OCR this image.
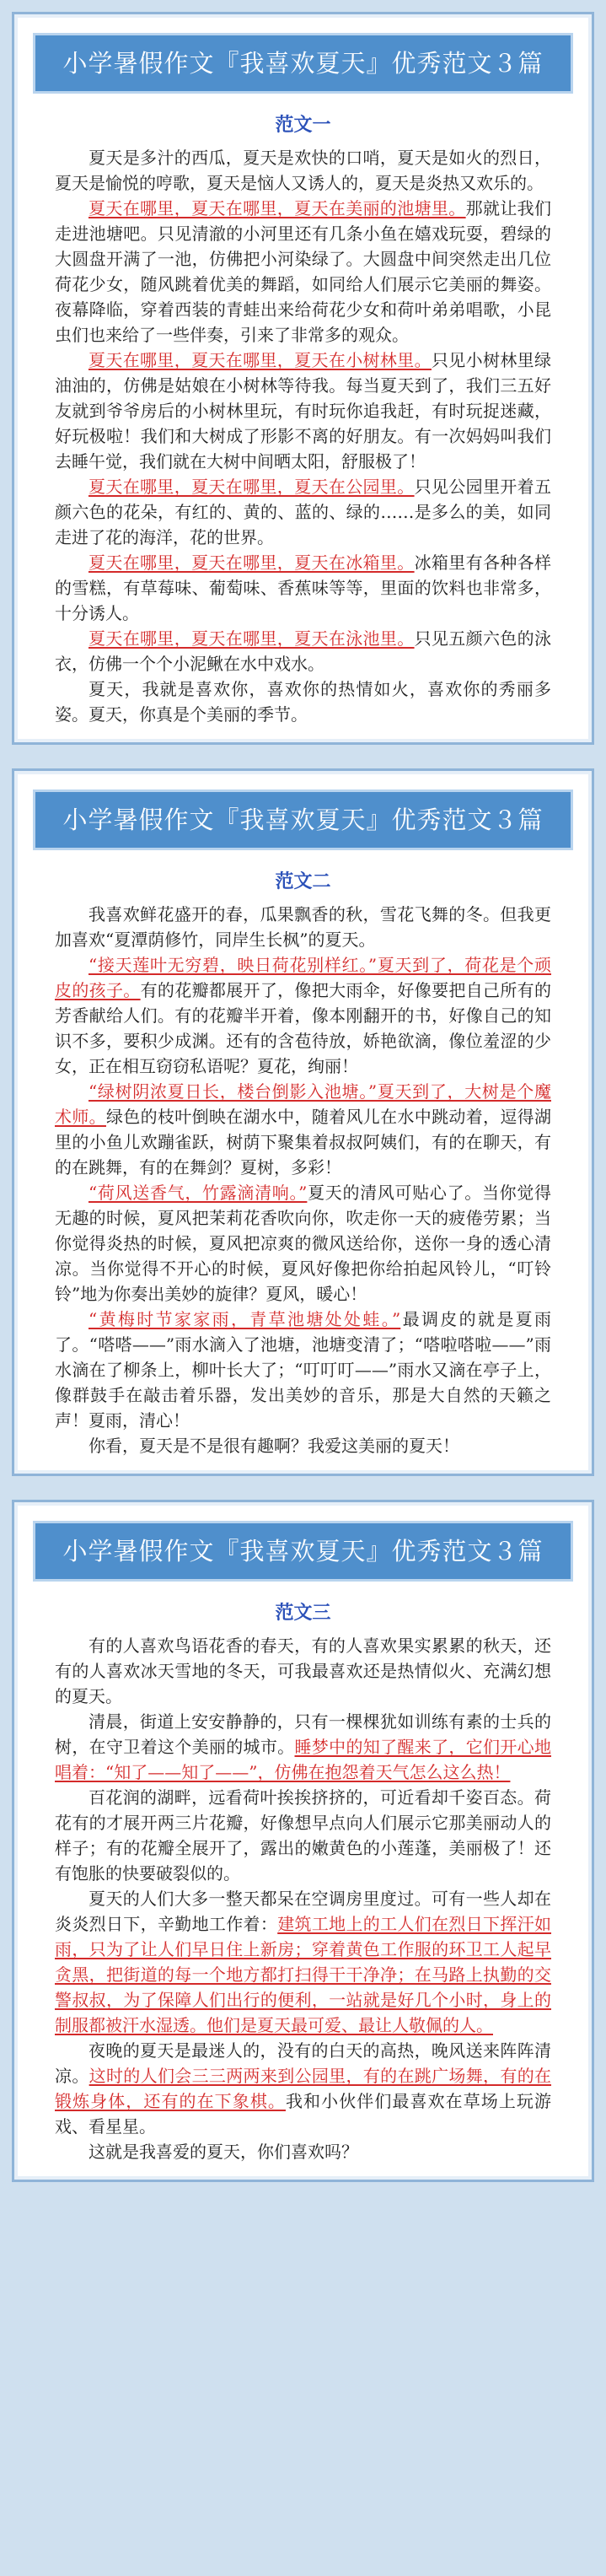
小学暑假作文『我喜欢夏天』优秀范文３篇
范文一

夏天是多汁的西瓜，夏天是欢快的口哨，夏天是如火的烈日，夏天是愉悦的哼歌，夏天是恼人又诱人的，夏天是炎热又欢乐的。

夏天在哪里，夏天在哪里，夏天在美丽的池塘里。那就让我们走进池塘吧。只见清澈的小河里还有几条小鱼在嬉戏玩耍，碧绿的大圆盘开满了一池，仿佛把小河染绿了。大圆盘中间突然走出几位荷花少女，随风跳着优美的舞蹈，如同给人们展示它美丽的舞姿。夜幕降临，穿着西装的青蛙出来给荷花少女和荷叶弟弟唱歌，小昆虫们也来给了一些伴奏，引来了非常多的观众。

夏天在哪里，夏天在哪里，夏天在小树林里。只见小树林里绿油油的，仿佛是姑娘在小树林等待我。每当夏天到了，我们三五好友就到爷爷房后的小树林里玩，有时玩你追我赶，有时玩捉迷藏，好玩极啦！我们和大树成了形影不离的好朋友。有一次妈妈叫我们去睡午觉，我们就在大树中间晒太阳，舒服极了！

夏天在哪里，夏天在哪里，夏天在公园里。只见公园里开着五颜六色的花朵，有红的、黄的、蓝的、绿的……是多么的美，如同走进了花的海洋，花的世界。

夏天在哪里，夏天在哪里，夏天在冰箱里。冰箱里有各种各样的雪糕，有草莓味、葡萄味、香蕉味等等，里面的饮料也非常多，十分诱人。

夏天在哪里，夏天在哪里，夏天在泳池里。只见五颜六色的泳衣，仿佛一个个小泥鳅在水中戏水。

夏天，我就是喜欢你，喜欢你的热情如火，喜欢你的秀丽多姿。夏天，你真是个美丽的季节。

小学暑假作文『我喜欢夏天』优秀范文３篇
范文二

我喜欢鲜花盛开的春，瓜果飘香的秋，雪花飞舞的冬。但我更加喜欢“夏潭荫修竹，同岸生长枫”的夏天。

“接天莲叶无穷碧，映日荷花别样红。”夏天到了，荷花是个顽皮的孩子。有的花瓣都展开了，像把大雨伞，好像要把自己所有的芳香献给人们。有的花瓣半开着，像本刚翻开的书，好像自己的知识不多，要积少成渊。还有的含苞待放，娇艳欲滴，像位羞涩的少女，正在相互窃窃私语呢？夏花，绚丽！

“绿树阴浓夏日长，楼台倒影入池塘。”夏天到了，大树是个魔术师。绿色的枝叶倒映在湖水中，随着风儿在水中跳动着，逗得湖里的小鱼儿欢蹦雀跃，树荫下聚集着叔叔阿姨们，有的在聊天，有的在跳舞，有的在舞剑？夏树，多彩！

“荷风送香气，竹露滴清响。”夏天的清风可贴心了。当你觉得无趣的时候，夏风把茉莉花香吹向你，吹走你一天的疲倦劳累；当你觉得炎热的时候，夏风把凉爽的微风送给你，送你一身的透心清凉。当你觉得不开心的时候，夏风好像把你给拍起风铃儿，“叮铃铃”地为你奏出美妙的旋律？夏风，暖心！

“黄梅时节家家雨，青草池塘处处蛙。”最调皮的就是夏雨了。“嗒嗒——”雨水滴入了池塘，池塘变清了；“嗒啦嗒啦——”雨水滴在了柳条上，柳叶长大了；“叮叮叮——”雨水又滴在亭子上，像群鼓手在敲击着乐器，发出美妙的音乐，那是大自然的天籁之声！夏雨，清心！

你看，夏天是不是很有趣啊？我爱这美丽的夏天！

小学暑假作文『我喜欢夏天』优秀范文３篇
范文三

有的人喜欢鸟语花香的春天，有的人喜欢果实累累的秋天，还有的人喜欢冰天雪地的冬天，可我最喜欢还是热情似火、充满幻想的夏天。

清晨，街道上安安静静的，只有一棵棵犹如训练有素的士兵的树，在守卫着这个美丽的城市。睡梦中的知了醒来了，它们开心地唱着：“知了——知了——”，仿佛在抱怨着天气怎么这么热！

百花润的湖畔，远看荷叶挨挨挤挤的，可近看却千姿百态。荷花有的才展开两三片花瓣，好像想早点向人们展示它那美丽动人的样子；有的花瓣全展开了，露出的嫩黄色的小莲蓬，美丽极了！还有饱胀的快要破裂似的。

夏天的人们大多一整天都呆在空调房里度过。可有一些人却在炎炎烈日下，辛勤地工作着：建筑工地上的工人们在烈日下挥汗如雨，只为了让人们早日住上新房；穿着黄色工作服的环卫工人起早贪黑，把街道的每一个地方都打扫得干干净净；在马路上执勤的交警叔叔，为了保障人们出行的便利，一站就是好几个小时，身上的制服都被汗水湿透。他们是夏天最可爱、最让人敬佩的人。

夜晚的夏天是最迷人的，没有的白天的高热，晚风送来阵阵清凉。这时的人们会三三两两来到公园里，有的在跳广场舞，有的在锻炼身体，还有的在下象棋。我和小伙伴们最喜欢在草场上玩游戏、看星星。

这就是我喜爱的夏天，你们喜欢吗？
